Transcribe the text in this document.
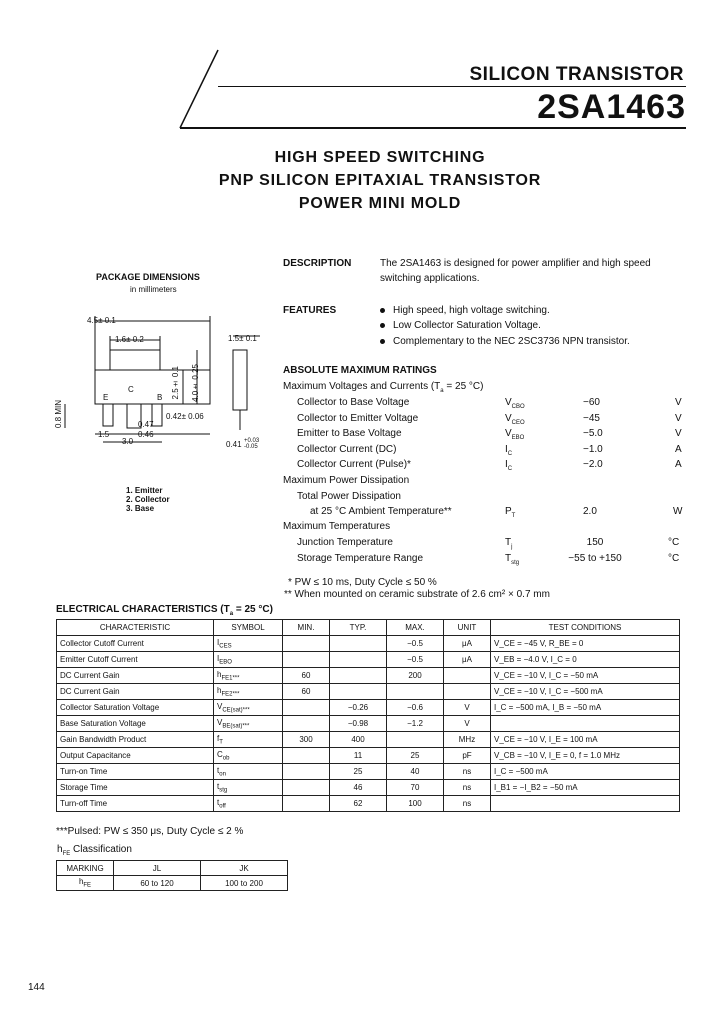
SILICON TRANSISTOR
2SA1463
HIGH SPEED SWITCHING
PNP SILICON EPITAXIAL TRANSISTOR
POWER MINI MOLD
PACKAGE DIMENSIONS
in millimeters
4.5± 0.1
1.6± 0.2	1.5± 0.1
2.5± 0.1 4.0± 0.25
0.42± 0.06
0.47
0.46
1.5
3.0
0.8 MIN
0.41 +0.03 -0.05
E
C
B
1. Emitter
2. Collector
3. Base
DESCRIPTION	The 2SA1463 is designed for power amplifier and high speed
switching applications.
FEATURES	High speed, high voltage switching.
Low Collector Saturation Voltage.
Complementary to the NEC 2SC3736 NPN transistor.
ABSOLUTE MAXIMUM RATINGS
Maximum Voltages and Currents ($T_a = 25$ °C)
Collector to Base Voltage	$V_{CBO}$	−60	V
Collector to Emitter Voltage	$V_{CEO}$	−45	V
Emitter to Base Voltage	$V_{EBO}$	−5.0	V
Collector Current (DC)	$I_C$	−1.0	A
Collector Current (Pulse)*	$I_C$	−2.0	A
Maximum Power Dissipation
Total Power Dissipation
at 25 °C Ambient Temperature**	$P_T$	2.0	W
Maximum Temperatures
Junction Temperature	$T_j$	150	°C
Storage Temperature Range	$T_{stg}$	−55 to +150	°C
* PW ≤ 10 ms, Duty Cycle ≤ 50 %
** When mounted on ceramic substrate of 2.6 cm² × 0.7 mm
ELECTRICAL CHARACTERISTICS ($T_a = 25$ °C)
CHARACTERISTIC	SYMBOL	MIN.	TYP.	MAX.	UNIT	TEST CONDITIONS
Collector Cutoff Current	$I_{CES}$			−0.5	μA	V_CE = −45 V, R_BE = 0
Emitter Cutoff Current	$I_{EBO}$			−0.5	μA	V_EB = −4.0 V, I_C = 0
DC Current Gain	$h_{FE1***}$	60		200		V_CE = −10 V, I_C = −50 mA
DC Current Gain	$h_{FE2***}$	60				V_CE = −10 V, I_C = −500 mA
Collector Saturation Voltage	$V_{CE(sat)***}$		−0.26	−0.6	V	I_C = −500 mA, I_B = −50 mA
Base Saturation Voltage	$V_{BE(sat)***}$		−0.98	−1.2	V	
Gain Bandwidth Product	$f_T$	300	400		MHz	V_CE = −10 V, I_E = 100 mA
Output Capacitance	$C_{ob}$		11	25	pF	V_CB = −10 V, I_E = 0, f = 1.0 MHz
Turn-on Time	$t_{on}$		25	40	ns	I_C = −500 mA
Storage Time	$t_{stg}$		46	70	ns	I_B1 = −I_B2 = −50 mA
Turn-off Time	$t_{off}$		62	100	ns	
***Pulsed: PW ≤ 350 μs, Duty Cycle ≤ 2 %
$h_{FE}$ Classification
MARKING	JL	JK
$h_{FE}$	60 to 120	100 to 200
144
